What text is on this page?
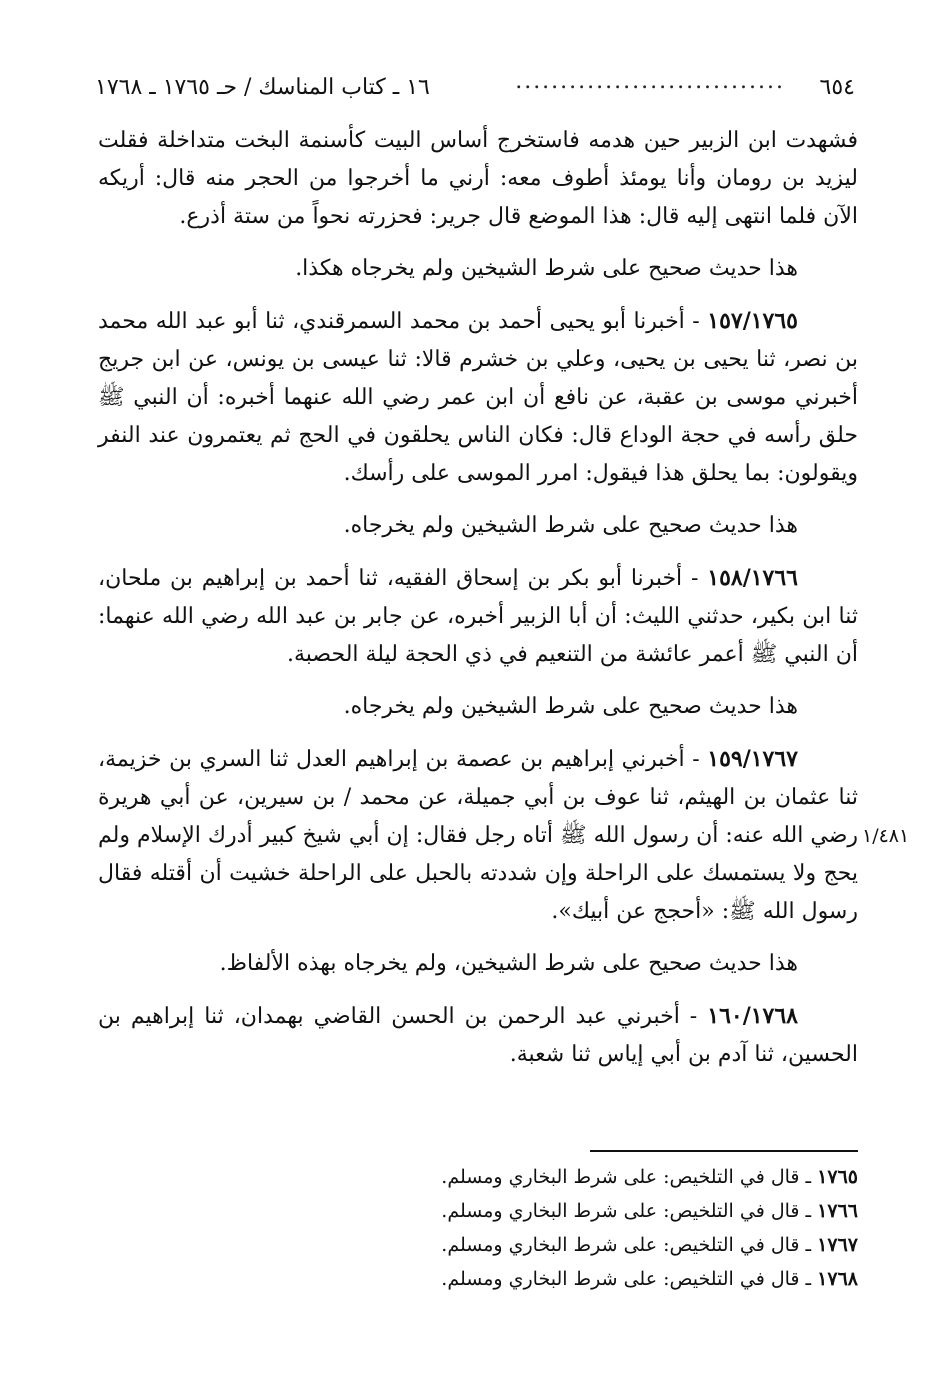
٦٥٤
..............................
١٦ ـ كتاب المناسك / حـ ١٧٦٥ ـ ١٧٦٨

فشهدت ابن الزبير حين هدمه فاستخرج أساس البيت كأسنمة البخت متداخلة فقلت ليزيد بن رومان وأنا يومئذ أطوف معه: أرني ما أخرجوا من الحجر منه قال: أريكه الآن فلما انتهى إليه قال: هذا الموضع قال جرير: فحزرته نحواً من ستة أذرع.

هذا حديث صحيح على شرط الشيخين ولم يخرجاه هكذا.

١٥٧/١٧٦٥ - أخبرنا أبو يحيى أحمد بن محمد السمرقندي، ثنا أبو عبد الله محمد بن نصر، ثنا يحيى بن يحيى، وعلي بن خشرم قالا: ثنا عيسى بن يونس، عن ابن جريج أخبرني موسى بن عقبة، عن نافع أن ابن عمر رضي الله عنهما أخبره: أن النبي ﷺ حلق رأسه في حجة الوداع قال: فكان الناس يحلقون في الحج ثم يعتمرون عند النفر ويقولون: بما يحلق هذا فيقول: امرر الموسى على رأسك.

هذا حديث صحيح على شرط الشيخين ولم يخرجاه.

١٥٨/١٧٦٦ - أخبرنا أبو بكر بن إسحاق الفقيه، ثنا أحمد بن إبراهيم بن ملحان، ثنا ابن بكير، حدثني الليث: أن أبا الزبير أخبره، عن جابر بن عبد الله رضي الله عنهما: أن النبي ﷺ أعمر عائشة من التنعيم في ذي الحجة ليلة الحصبة.

هذا حديث صحيح على شرط الشيخين ولم يخرجاه.

١٥٩/١٧٦٧ - أخبرني إبراهيم بن عصمة بن إبراهيم العدل ثنا السري بن خزيمة، ثنا عثمان بن الهيثم، ثنا عوف بن أبي جميلة، عن محمد / بن سيرين، عن أبي هريرة رضي الله عنه: أن رسول الله ﷺ أتاه رجل فقال: إن أبي شيخ كبير أدرك الإسلام ولم يحج ولا يستمسك على الراحلة وإن شددته بالحبل على الراحلة خشيت أن أقتله فقال رسول الله ﷺ: «أحجج عن أبيك».

هذا حديث صحيح على شرط الشيخين، ولم يخرجاه بهذه الألفاظ.

١٦٠/١٧٦٨ - أخبرني عبد الرحمن بن الحسن القاضي بهمدان، ثنا إبراهيم بن الحسين، ثنا آدم بن أبي إياس ثنا شعبة.

١/٤٨١

١٧٦٥ ـ قال في التلخيص: على شرط البخاري ومسلم.

١٧٦٦ ـ قال في التلخيص: على شرط البخاري ومسلم.

١٧٦٧ ـ قال في التلخيص: على شرط البخاري ومسلم.

١٧٦٨ ـ قال في التلخيص: على شرط البخاري ومسلم.
